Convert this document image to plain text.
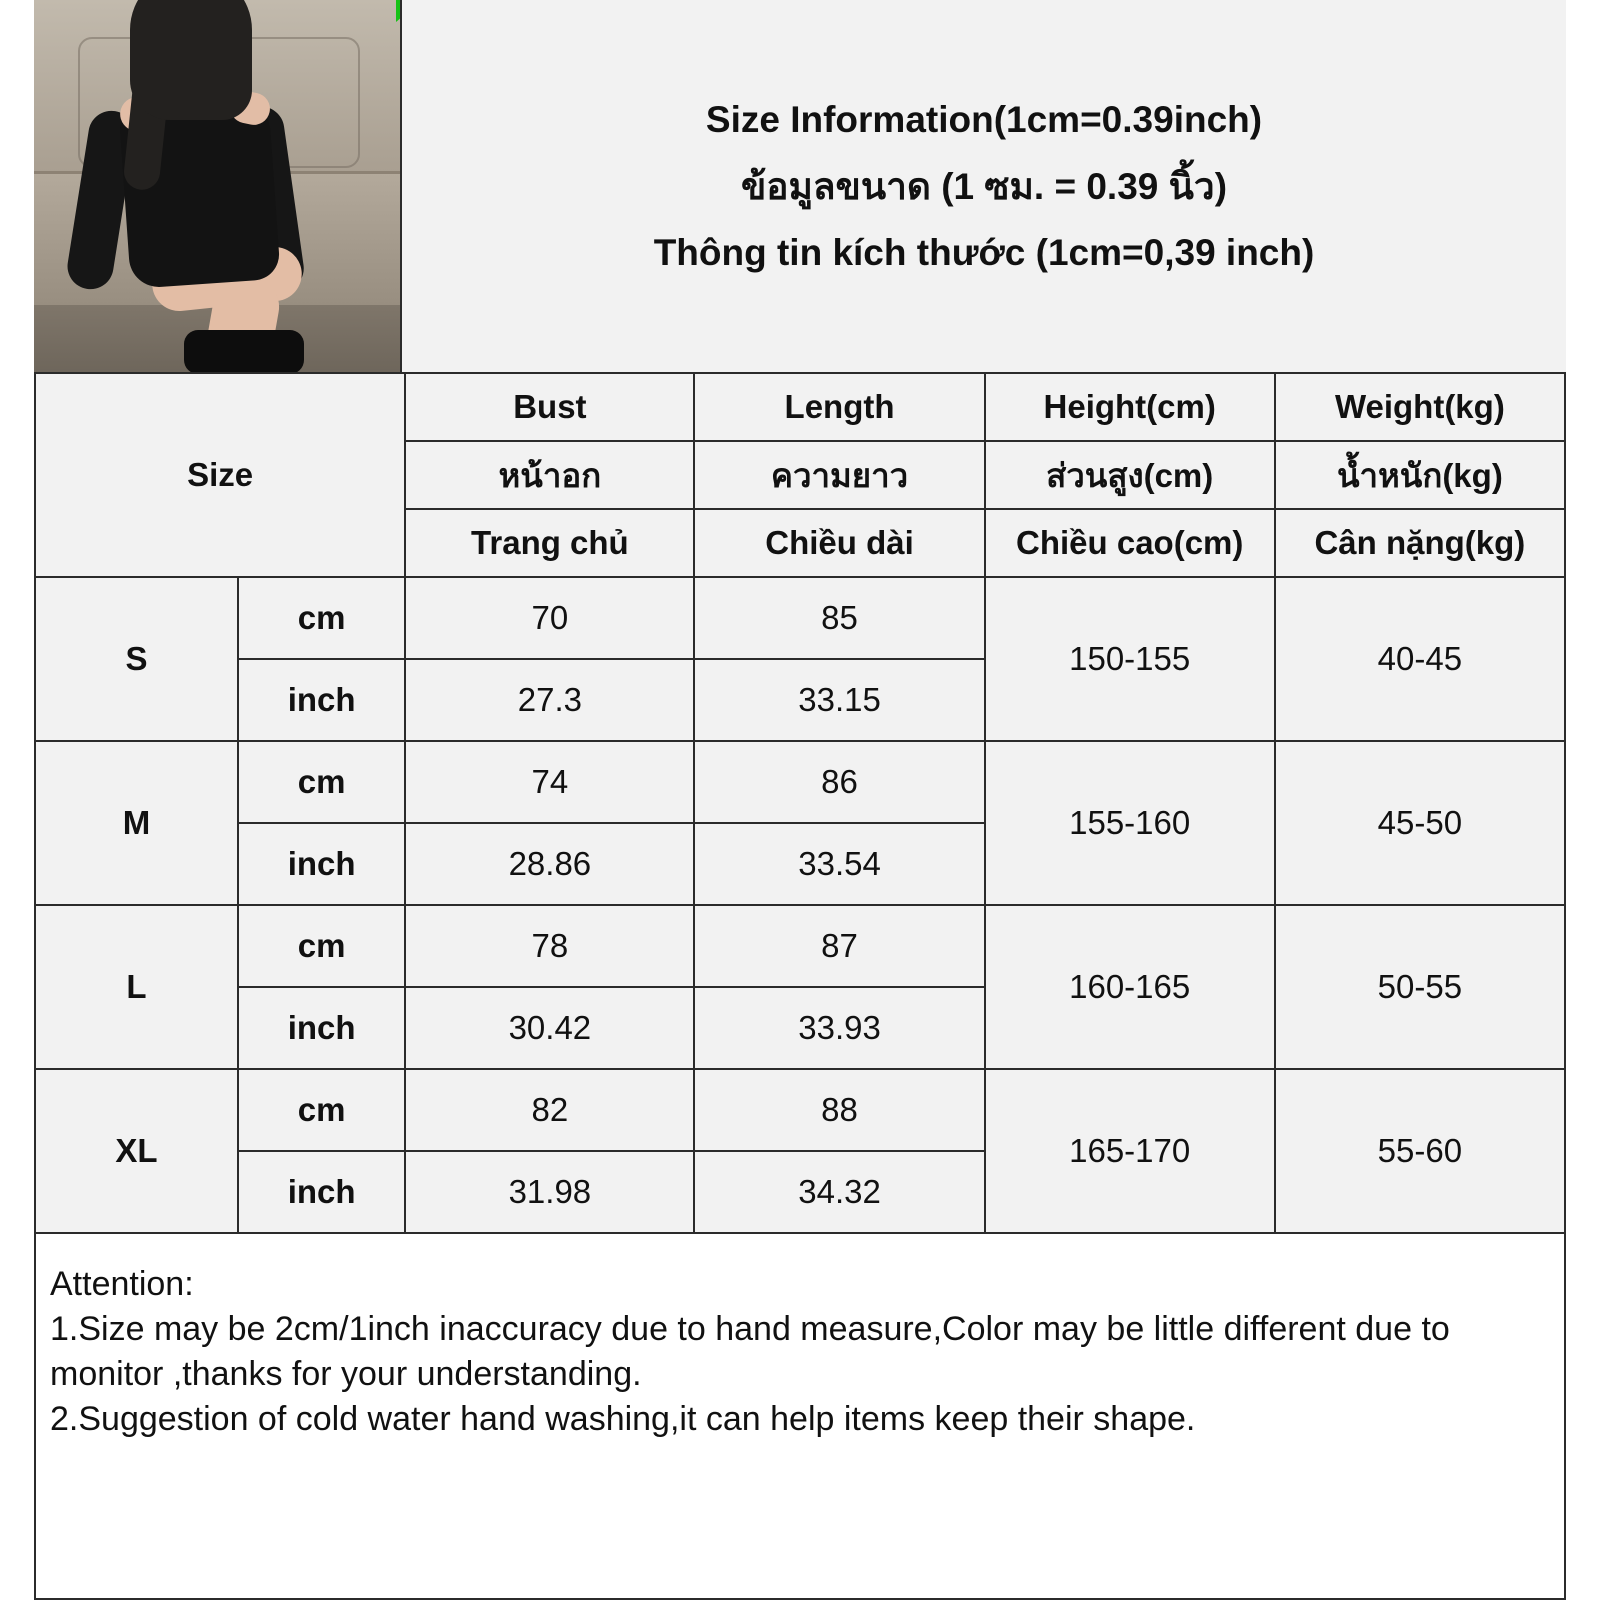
Size Information(1cm=0.39inch)
ข้อมูลขนาด (1 ซม. = 0.39 นิ้ว)
Thông tin kích thước (1cm=0,39 inch)
Size		Bust	Length	Height(cm)	Weight(kg)
		หน้าอก	ความยาว	ส่วนสูง(cm)	น้ำหนัก(kg)
		Trang chủ	Chiều dài	Chiều cao(cm)	Cân nặng(kg)
S	cm	70	85	150-155	40-45
	inch	27.3	33.15		
M	cm	74	86	155-160	45-50
	inch	28.86	33.54		
L	cm	78	87	160-165	50-55
	inch	30.42	33.93		
XL	cm	82	88	165-170	55-60
	inch	31.98	34.32		
Attention:
1.Size may be 2cm/1inch inaccuracy due to hand measure,Color may be little different due to monitor ,thanks for your understanding.
2.Suggestion of cold water hand washing,it can help items keep their shape.
